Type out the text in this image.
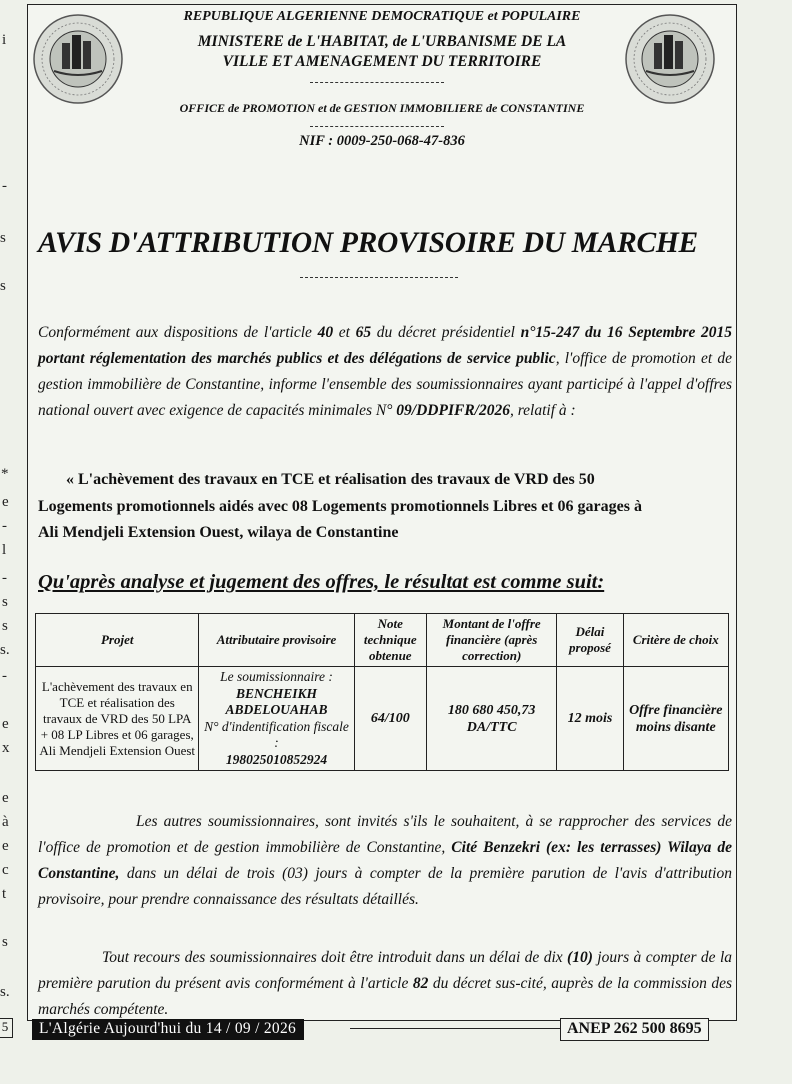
i
-
s
s
*
e
-
l
-
s
s
s.
-
e
x
e
à
e
c
t
s
s.
5
REPUBLIQUE ALGERIENNE DEMOCRATIQUE et POPULAIRE
MINISTERE de L'HABITAT, de L'URBANISME DE LA
VILLE ET AMENAGEMENT DU TERRITOIRE
OFFICE de PROMOTION et de GESTION IMMOBILIERE de CONSTANTINE
NIF : 0009-250-068-47-836
AVIS D'ATTRIBUTION PROVISOIRE DU MARCHE
Conformément aux dispositions de l'article 40 et 65 du décret présidentiel n°15-247 du 16 Septembre 2015 portant réglementation des marchés publics et des délégations de service public, l'office de promotion et de gestion immobilière de Constantine, informe l'ensemble des soumissionnaires ayant participé à l'appel d'offres national ouvert avec exigence de capacités minimales N° 09/DDPIFR/2026, relatif à :
« L'achèvement des travaux en TCE et réalisation des travaux de VRD des 50
Logements promotionnels aidés avec 08 Logements promotionnels Libres et 06 garages à
Ali Mendjeli Extension Ouest, wilaya de Constantine
Qu'après analyse et jugement des offres, le résultat est comme suit:
Projet	Attributaire provisoire	Note technique obtenue	Montant de l'offre financière (après correction)	Délai proposé	Critère de choix
L'achèvement des travaux en TCE et réalisation des travaux de VRD des 50 LPA + 08 LP Libres et 06 garages, Ali Mendjeli Extension Ouest	Le soumissionnaire :
BENCHEIKH ABDELOUAHAB
N° d'indentification fiscale :
198025010852924	64/100	180 680 450,73 DA/TTC	12 mois	Offre financière moins disante
Les autres soumissionnaires, sont invités s'ils le souhaitent, à se rapprocher des services de l'office de promotion et de gestion immobilière de Constantine, Cité Benzekri (ex: les terrasses) Wilaya de Constantine, dans un délai de trois (03) jours à compter de la première parution de l'avis d'attribution provisoire, pour prendre connaissance des résultats détaillés.
Tout recours des soumissionnaires doit être introduit dans un délai de dix (10) jours à compter de la première parution du présent avis conformément à l'article 82 du décret sus-cité, auprès de la commission des marchés compétente.
L'Algérie Aujourd'hui du 14 / 09 / 2026	ANEP 262 500 8695
